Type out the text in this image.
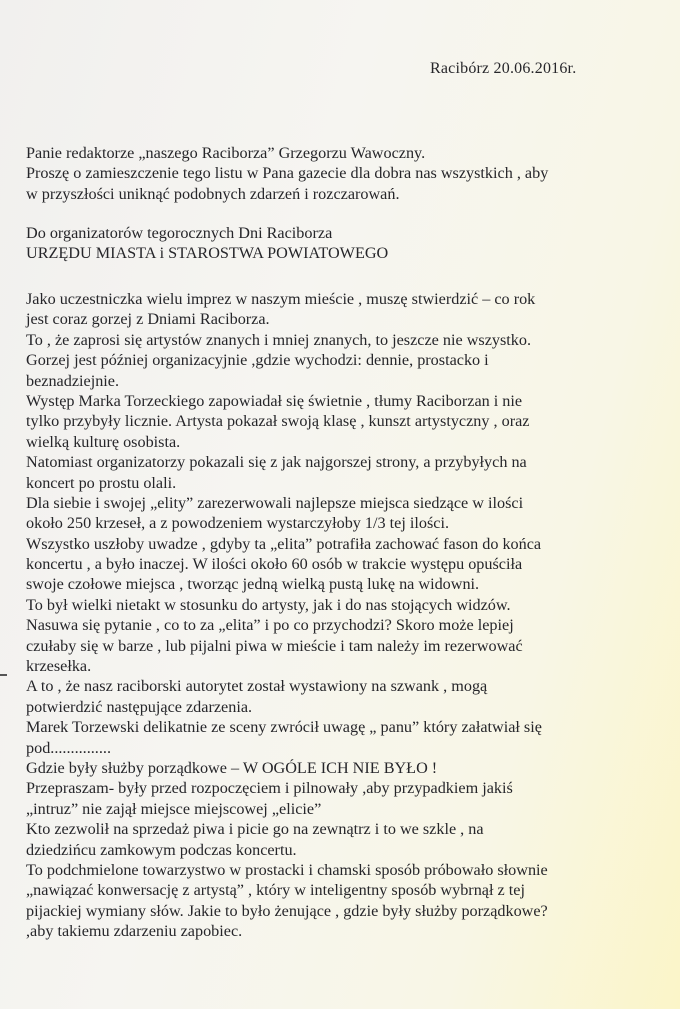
Racibórz 20.06.2016r.
Panie redaktorze „naszego Raciborza” Grzegorzu Wawoczny.
Proszę o zamieszczenie tego listu w Pana gazecie dla dobra nas wszystkich , aby
w przyszłości uniknąć podobnych zdarzeń i rozczarowań.
Do organizatorów tegorocznych Dni Raciborza
URZĘDU MIASTA i STAROSTWA POWIATOWEGO
Jako uczestniczka wielu imprez w naszym mieście , muszę stwierdzić – co rok
jest coraz gorzej z Dniami Raciborza.
To , że zaprosi się artystów znanych i mniej znanych, to jeszcze nie wszystko.
Gorzej jest później organizacyjnie ,gdzie wychodzi: dennie, prostacko i
beznadziejnie.
Występ Marka Torzeckiego zapowiadał się świetnie , tłumy Raciborzan i nie
tylko przybyły licznie. Artysta pokazał swoją klasę , kunszt artystyczny , oraz
wielką kulturę osobista.
Natomiast organizatorzy pokazali się z jak najgorszej strony, a przybyłych na
koncert po prostu olali.
Dla siebie i swojej „elity” zarezerwowali najlepsze miejsca siedzące w ilości
około 250 krzeseł, a z powodzeniem wystarczyłoby 1/3 tej ilości.
Wszystko uszłoby uwadze , gdyby ta „elita” potrafiła zachować fason do końca
koncertu , a było inaczej. W ilości około 60 osób w trakcie występu opuściła
swoje czołowe miejsca , tworząc jedną wielką pustą lukę na widowni.
To był wielki nietakt w stosunku do artysty, jak i do nas stojących widzów.
Nasuwa się pytanie , co to za „elita” i po co przychodzi? Skoro może lepiej
czułaby się w barze , lub pijalni piwa w mieście i tam należy im rezerwować
krzesełka.
A to , że nasz raciborski autorytet został wystawiony na szwank , mogą
potwierdzić następujące zdarzenia.
Marek Torzewski delikatnie ze sceny zwrócił uwagę „ panu” który załatwiał się
pod...............
Gdzie były służby porządkowe – W OGÓLE ICH NIE BYŁO !
Przepraszam- były przed rozpoczęciem i pilnowały ,aby przypadkiem jakiś
„intruz” nie zajął miejsce miejscowej „elicie”
Kto zezwolił na sprzedaż piwa i picie go na zewnątrz i to we szkle , na
dziedzińcu zamkowym podczas koncertu.
To podchmielone towarzystwo w prostacki i chamski sposób próbowało słownie
„nawiązać konwersację z artystą” , który w inteligentny sposób wybrnął z tej
pijackiej wymiany słów. Jakie to było żenujące , gdzie były służby porządkowe?
,aby takiemu zdarzeniu zapobiec.
